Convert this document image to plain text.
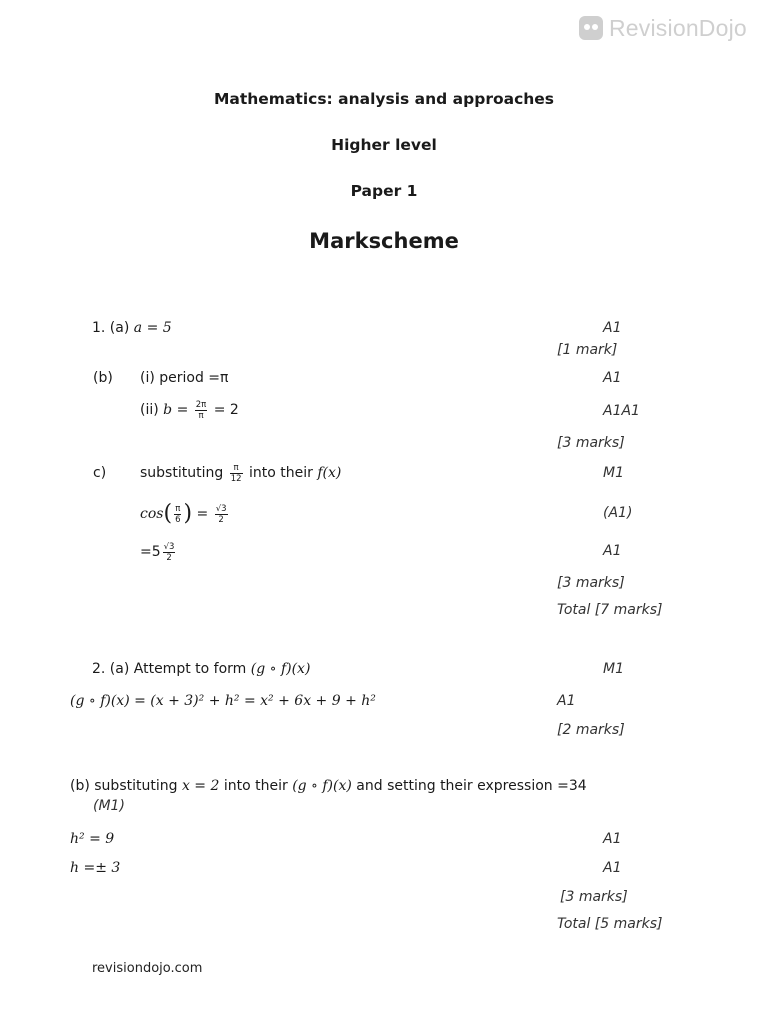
RevisionDojo
Mathematics: analysis and approaches
Higher level
Paper 1
Markscheme
1. (a) a = 5	A1
[1 mark]
(b) (i) period =π	A1
(ii) $b = \frac{2\pi}{\pi} = 2$	A1A1
[3 marks]
c) substituting $\frac{\pi}{12}$ into their f(x)	M1
$\cos( \frac{\pi}{6}$ ) = $\frac{√3}{2}$	(A1)
$=5 \frac{√3}{2}$	A1
[3 marks]
Total [7 marks]
2. (a) Attempt to form (g ∘ f)(x)	M1
(g ∘ f)(x) = (x + 3)² + h² = x² + 6x + 9 + h²	A1
[2 marks]
(b) substituting x = 2 into their (g ∘ f)(x) and setting their expression =34
(M1)
h² = 9	A1
h =± 3	A1
[3 marks]
Total [5 marks]
revisiondojo.com
